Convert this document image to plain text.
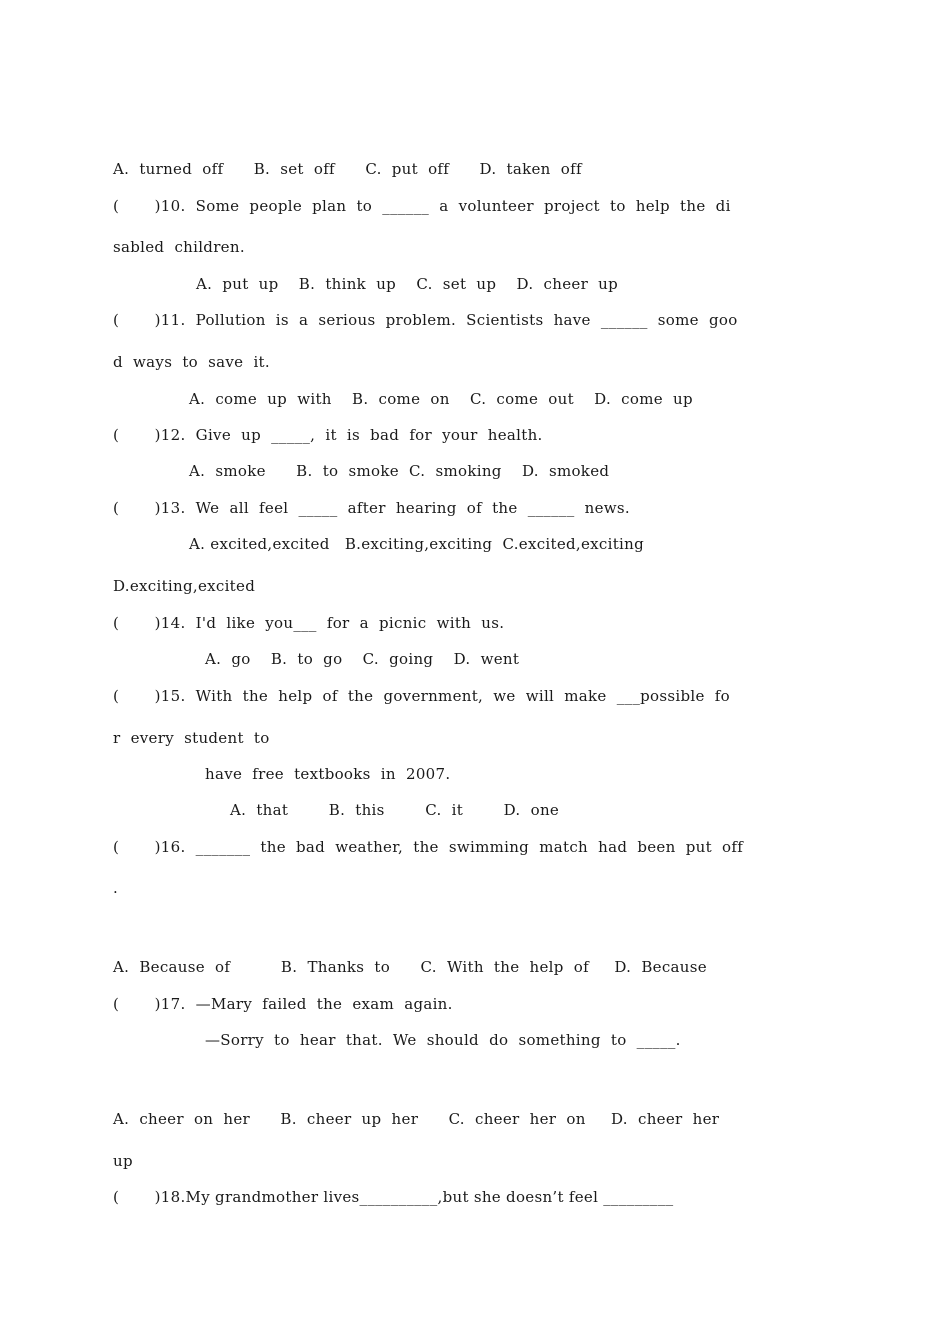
A.  turned  off      B.  set  off      C.  put  off      D.  taken  off
(       )10.  Some  people  plan  to  ______  a  volunteer  project  to  help  the  di
sabled  children.
A.  put  up    B.  think  up    C.  set  up    D.  cheer  up
(       )11.  Pollution  is  a  serious  problem.  Scientists  have  ______  some  goo
d  ways  to  save  it.
A.  come  up  with    B.  come  on    C.  come  out    D.  come  up
(       )12.  Give  up  _____,  it  is  bad  for  your  health.
A.  smoke      B.  to  smoke  C.  smoking    D.  smoked
(       )13.  We  all  feel  _____  after  hearing  of  the  ______  news.
A. excited,excited   B.exciting,exciting  C.excited,exciting
D.exciting,excited
(       )14.  I'd  like  you___  for  a  picnic  with  us.
A.  go    B.  to  go    C.  going    D.  went
(       )15.  With  the  help  of  the  government,  we  will  make  ___possible  fo
r  every  student  to
have  free  textbooks  in  2007.
A.  that        B.  this        C.  it        D.  one
(       )16.  _______  the  bad  weather,  the  swimming  match  had  been  put  off
.
A.  Because  of          B.  Thanks  to      C.  With  the  help  of     D.  Because
(       )17.  —Mary  failed  the  exam  again.
—Sorry  to  hear  that.  We  should  do  something  to  _____.
A.  cheer  on  her      B.  cheer  up  her      C.  cheer  her  on     D.  cheer  her
up
(       )18.My grandmother lives__________,but she doesn’t feel _________
